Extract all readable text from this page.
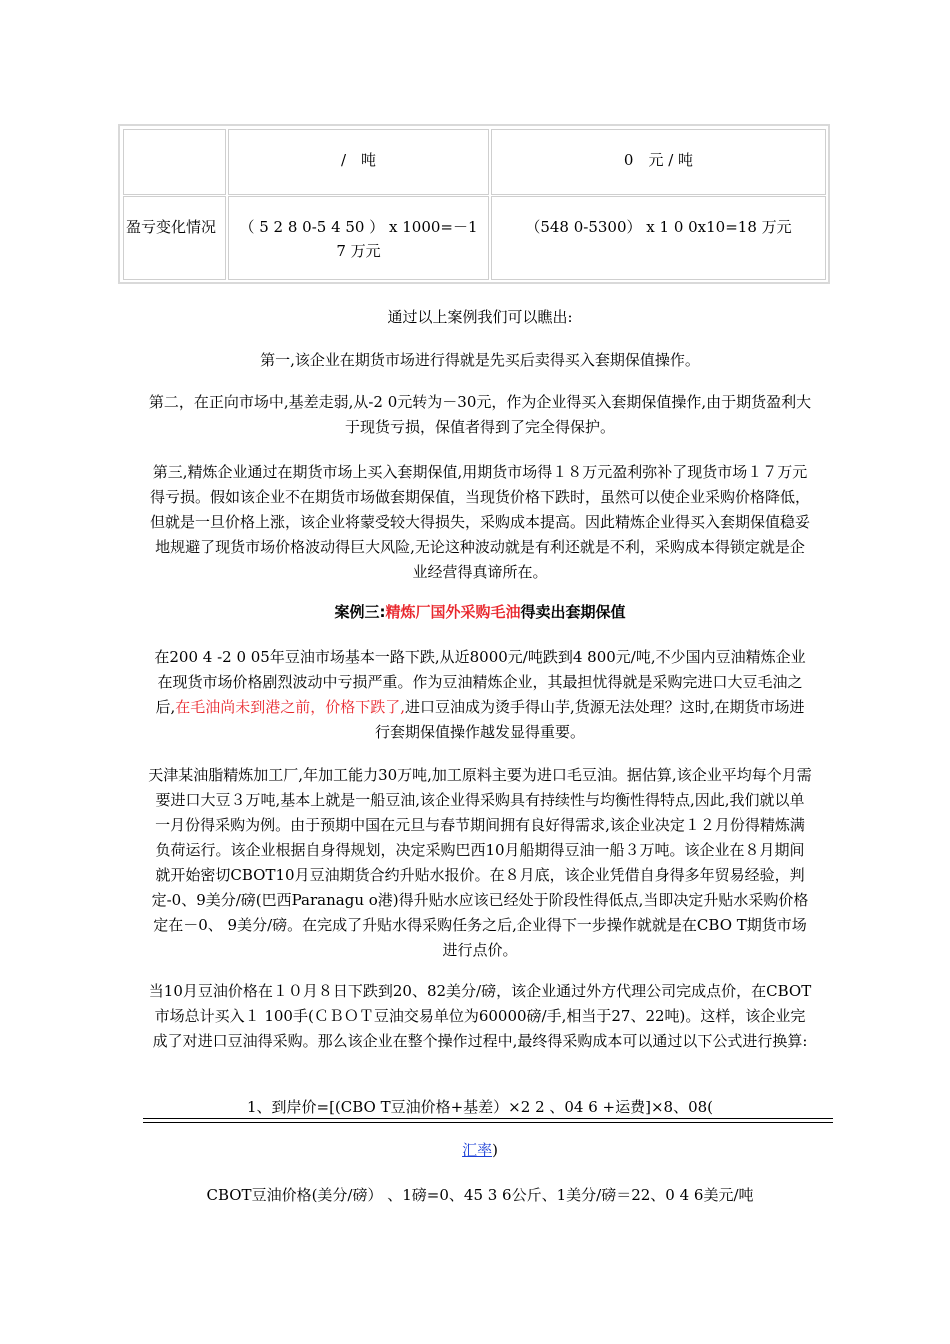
/　吨	0　元 / 吨
盈亏变化情况	（ 5 2 8 0-5 4 50 ） x 1000=－1 7 万元
（548 0-5300） x 1 0 0x10=18 万元
通过以上案例我们可以瞧出:
第一,该企业在期货市场进行得就是先买后卖得买入套期保值操作。
第二，在正向市场中,基差走弱,从-2 0元转为－30元，作为企业得买入套期保值操作,由于期货盈利大于现货亏损，保值者得到了完全得保护。
第三,精炼企业通过在期货市场上买入套期保值,用期货市场得１８万元盈利弥补了现货市场１７万元得亏损。假如该企业不在期货市场做套期保值，当现货价格下跌时，虽然可以使企业采购价格降低，但就是一旦价格上涨，该企业将蒙受较大得损失，采购成本提高。因此精炼企业得买入套期保值稳妥地规避了现货市场价格波动得巨大风险,无论这种波动就是有利还就是不利，采购成本得锁定就是企业经营得真谛所在。
案例三:精炼厂国外采购毛油得卖出套期保值
在200 4 -2 0 05年豆油市场基本一路下跌,从近8000元/吨跌到4 800元/吨,不少国内豆油精炼企业在现货市场价格剧烈波动中亏损严重。作为豆油精炼企业，其最担忧得就是采购完进口大豆毛油之后,在毛油尚未到港之前，价格下跌了,进口豆油成为烫手得山芋,货源无法处理？这时,在期货市场进行套期保值操作越发显得重要。
天津某油脂精炼加工厂,年加工能力30万吨,加工原料主要为进口毛豆油。据估算,该企业平均每个月需要进口大豆３万吨,基本上就是一船豆油,该企业得采购具有持续性与均衡性得特点,因此,我们就以单一月份得采购为例。由于预期中国在元旦与春节期间拥有良好得需求,该企业决定１２月份得精炼满负荷运行。该企业根据自身得规划，决定采购巴西10月船期得豆油一船３万吨。该企业在８月期间就开始密切CBOT10月豆油期货合约升贴水报价。在８月底，该企业凭借自身得多年贸易经验，判定-0、9美分/磅(巴西Paranagu o港)得升贴水应该已经处于阶段性得低点,当即决定升贴水采购价格定在－0、 9美分/磅。在完成了升贴水得采购任务之后,企业得下一步操作就就是在CBO T期货市场进行点价。
当10月豆油价格在１０月８日下跌到20、82美分/磅，该企业通过外方代理公司完成点价，在CBOT市场总计买入１ 100手(ＣＢＯＴ豆油交易单位为60000磅/手,相当于27、22吨)。这样，该企业完成了对进口豆油得采购。那么该企业在整个操作过程中,最终得采购成本可以通过以下公式进行换算:
1、到岸价=[(CBO T豆油价格+基差）×2 2 、04 6 +运费]×8、08(
汇率)
CBOT豆油价格(美分/磅） 、1磅=0、45 3 6公斤、1美分/磅＝22、0 4 6美元/吨
